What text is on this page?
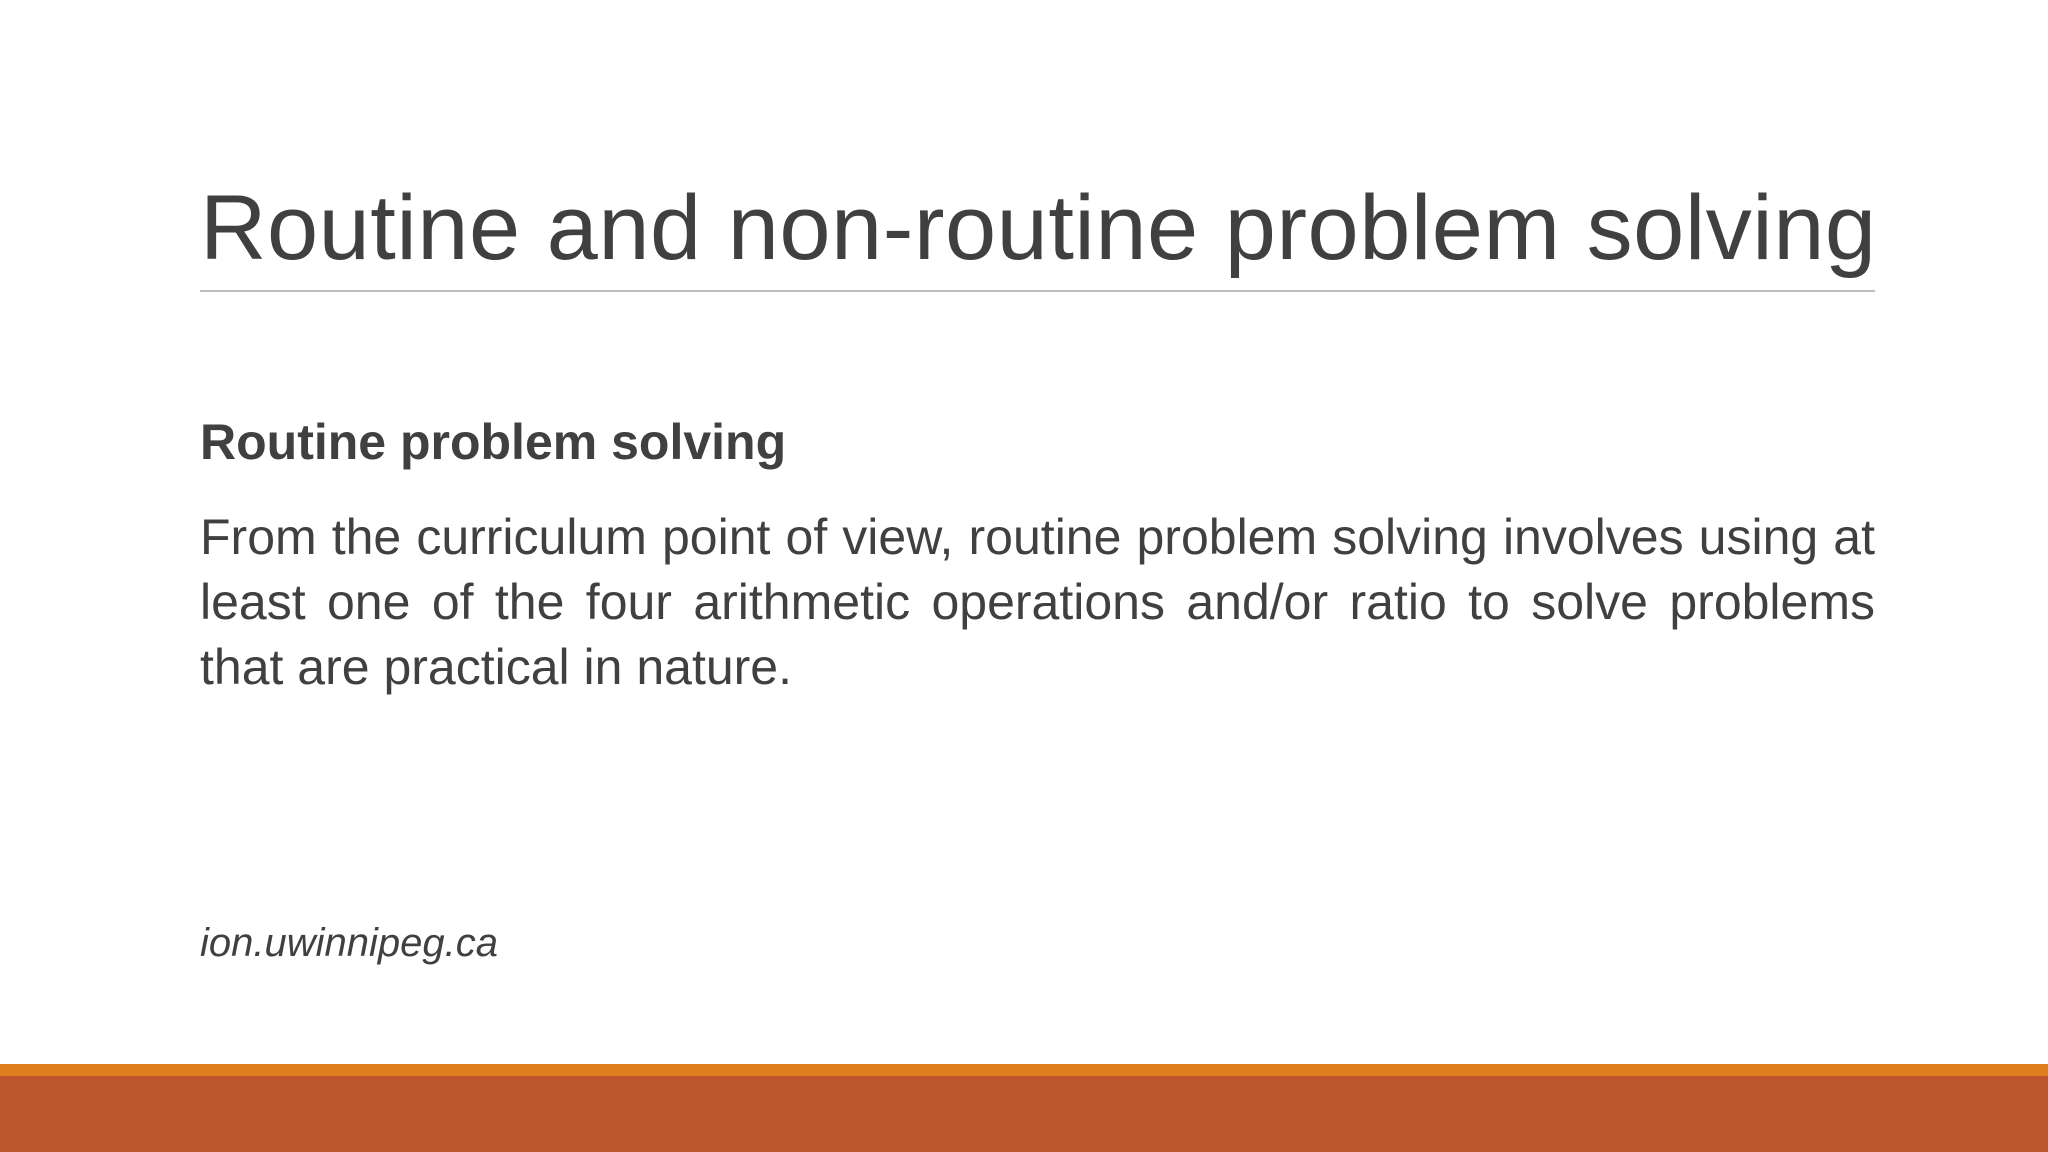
Routine and non-routine problem solving
Routine problem solving

From the curriculum point of view, routine problem solving involves using at least one of the four arithmetic operations and/or ratio to solve problems that are practical in nature.

ion.uwinnipeg.ca
